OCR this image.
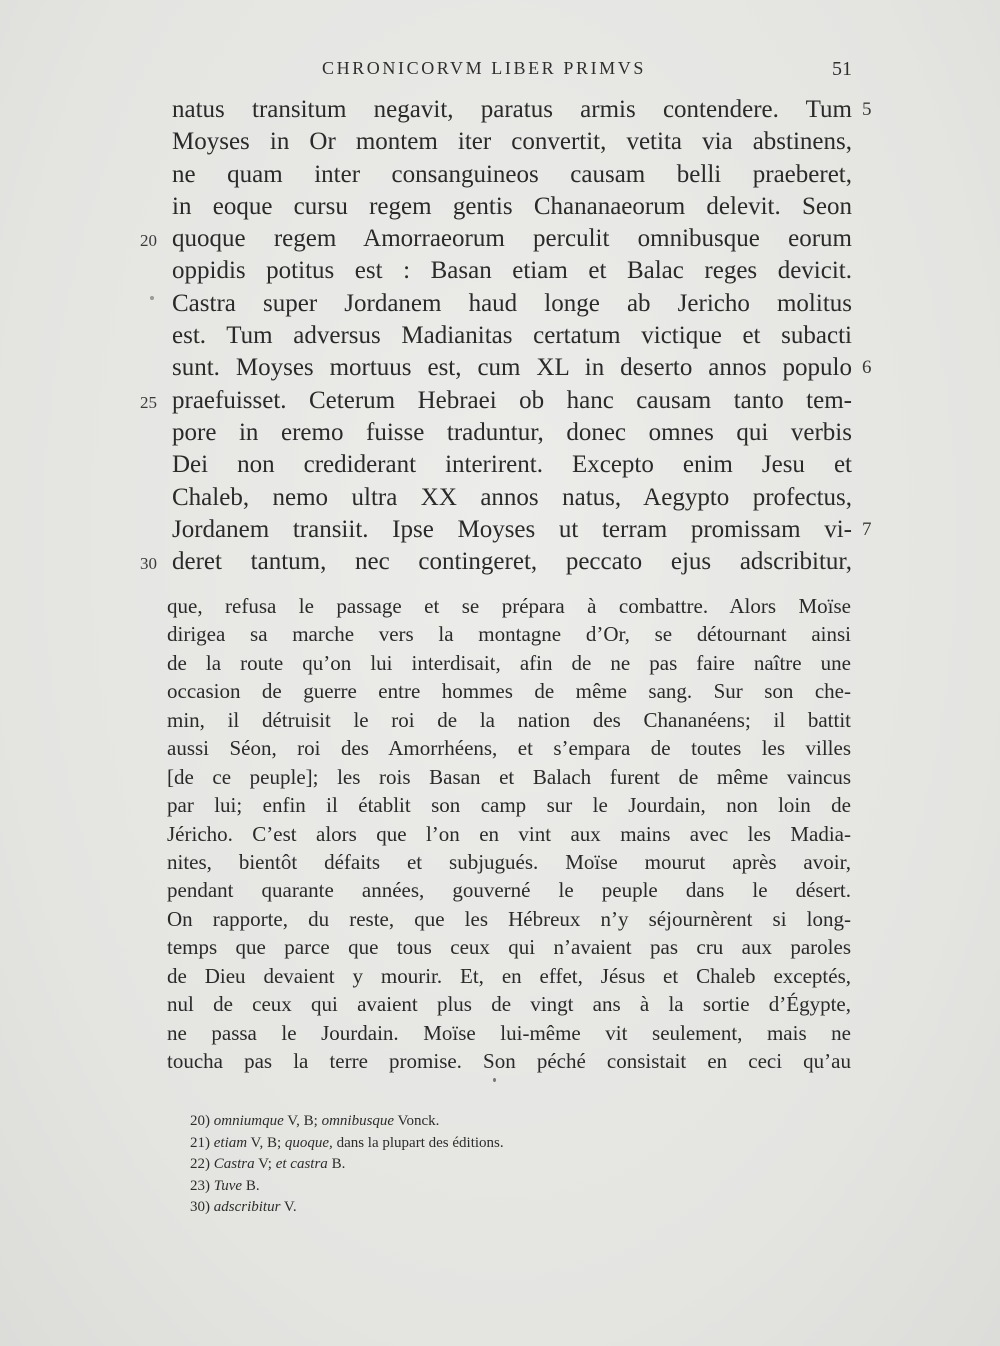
CHRONICORVM LIBER PRIMVS	51
natus transitum negavit, paratus armis contendere. Tum 5
Moyses in Or montem iter convertit, vetita via abstinens,
ne quam inter consanguineos causam belli praeberet,
in eoque cursu regem gentis Chananaeorum delevit. Seon
quoque regem Amorraeorum perculit omnibusque eorum
20
oppidis potitus est : Basan etiam et Balac reges devicit.
Castra super Jordanem haud longe ab Jericho molitus
est. Tum adversus Madianitas certatum victique et subacti
sunt. Moyses mortuus est, cum XL in deserto annos populo 6
praefuisset. Ceterum Hebraei ob hanc causam tanto tem-
25
pore in eremo fuisse traduntur, donec omnes qui verbis
Dei non crediderant interirent. Excepto enim Jesu et
Chaleb, nemo ultra XX annos natus, Aegypto profectus,
Jordanem transiit. Ipse Moyses ut terram promissam vi- 7
deret tantum, nec contingeret, peccato ejus adscribitur,
30
que, refusa le passage et se prépara à combattre. Alors Moïse
dirigea sa marche vers la montagne d’Or, se détournant ainsi
de la route qu’on lui interdisait, afin de ne pas faire naître une
occasion de guerre entre hommes de même sang. Sur son che-
min, il détruisit le roi de la nation des Chananéens; il battit
aussi Séon, roi des Amorrhéens, et s’empara de toutes les villes
[de ce peuple]; les rois Basan et Balach furent de même vaincus
par lui; enfin il établit son camp sur le Jourdain, non loin de
Jéricho. C’est alors que l’on en vint aux mains avec les Madia-
nites, bientôt défaits et subjugués. Moïse mourut après avoir,
pendant quarante années, gouverné le peuple dans le désert.
On rapporte, du reste, que les Hébreux n’y séjournèrent si long-
temps que parce que tous ceux qui n’avaient pas cru aux paroles
de Dieu devaient y mourir. Et, en effet, Jésus et Chaleb exceptés,
nul de ceux qui avaient plus de vingt ans à la sortie d’Égypte,
ne passa le Jourdain. Moïse lui-même vit seulement, mais ne
toucha pas la terre promise. Son péché consistait en ceci qu’au
20) omniumque V, B; omnibusque Vonck.
21) etiam V, B; quoque, dans la plupart des éditions.
22) Castra V; et castra B.
23) Tuve B.
30) adscribitur V.
